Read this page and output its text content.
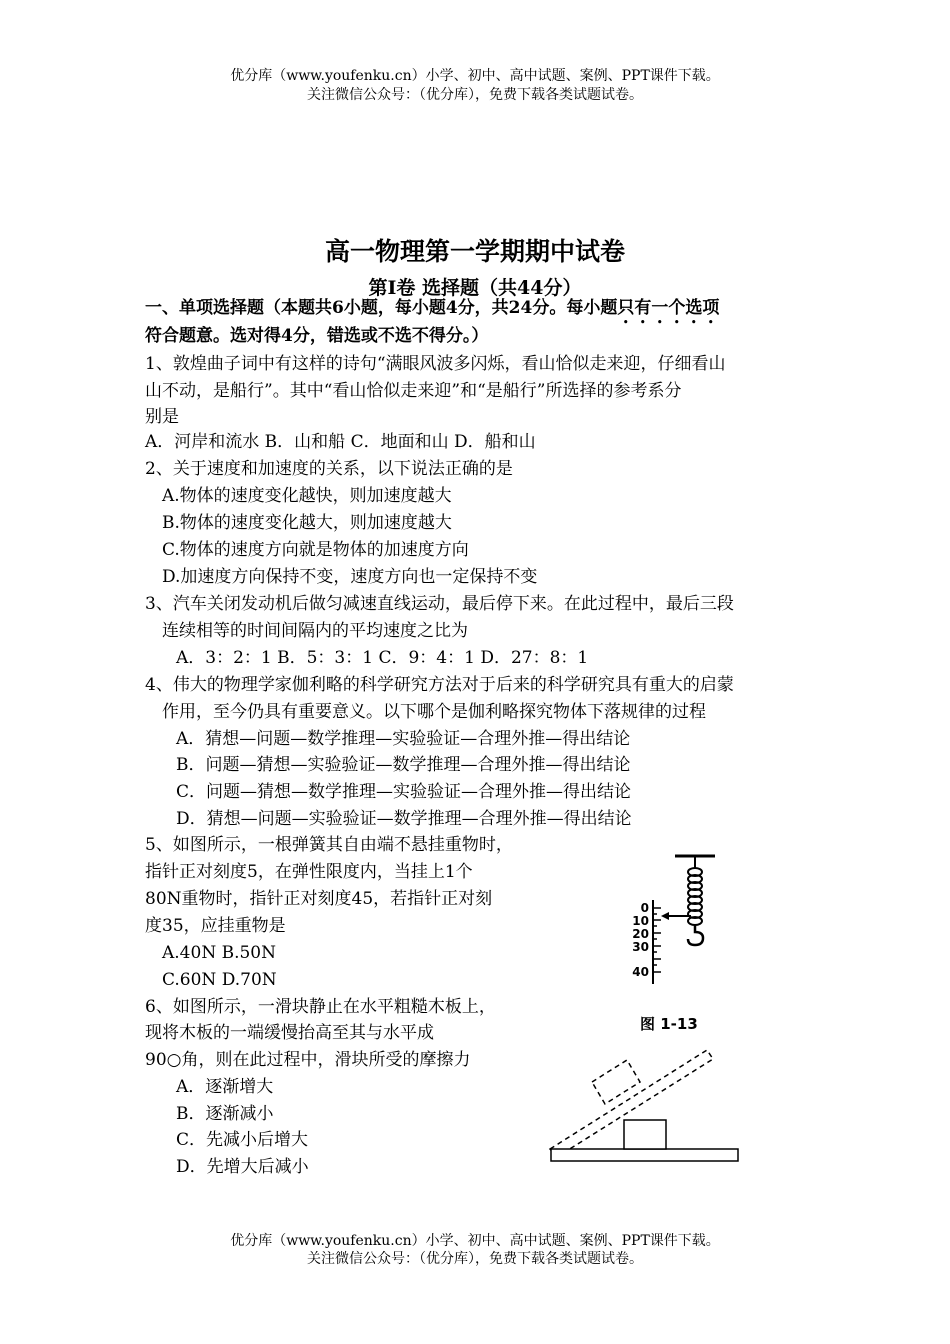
优分库（www.youfenku.cn）小学、初中、高中试题、案例、PPT课件下载。
关注微信公众号：（优分库），免费下载各类试题试卷。
高一物理第一学期期中试卷
第I卷 选择题（共44分）
一、单项选择题（本题共6小题，每小题4分，共24分。每小题只有一个选项
符合题意。选对得4分，错选或不选不得分。）
1、敦煌曲子词中有这样的诗句“满眼风波多闪烁，看山恰似走来迎，仔细看山
山不动，是船行”。其中“看山恰似走来迎”和“是船行”所选择的参考系分
别是
A．河岸和流水 B．山和船 C．地面和山 D．船和山
2、关于速度和加速度的关系，以下说法正确的是
A.物体的速度变化越快，则加速度越大
B.物体的速度变化越大，则加速度越大
C.物体的速度方向就是物体的加速度方向
D.加速度方向保持不变，速度方向也一定保持不变
3、汽车关闭发动机后做匀减速直线运动，最后停下来。在此过程中，最后三段
连续相等的时间间隔内的平均速度之比为
A．3：2：1 B．5：3：1 C．9：4：1 D．27：8：1
4、伟大的物理学家伽利略的科学研究方法对于后来的科学研究具有重大的启蒙
作用，至今仍具有重要意义。以下哪个是伽利略探究物体下落规律的过程
A．猜想—问题—数学推理—实验验证—合理外推—得出结论
B．问题—猜想—实验验证—数学推理—合理外推—得出结论
C．问题—猜想—数学推理—实验验证—合理外推—得出结论
D．猜想—问题—实验验证—数学推理—合理外推—得出结论
5、如图所示，一根弹簧其自由端不悬挂重物时，
指针正对刻度5，在弹性限度内，当挂上1个
80N重物时，指针正对刻度45，若指针正对刻
度35，应挂重物是
A.40N B.50N
C.60N D.70N
0
10
20
30
40
图 1-13
6、如图所示，一滑块静止在水平粗糙木板上，
现将木板的一端缓慢抬高至其与水平成
90○角，则在此过程中，滑块所受的摩擦力
A．逐渐增大
B．逐渐减小
C．先减小后增大
D．先增大后减小
优分库（www.youfenku.cn）小学、初中、高中试题、案例、PPT课件下载。
关注微信公众号：（优分库），免费下载各类试题试卷。
